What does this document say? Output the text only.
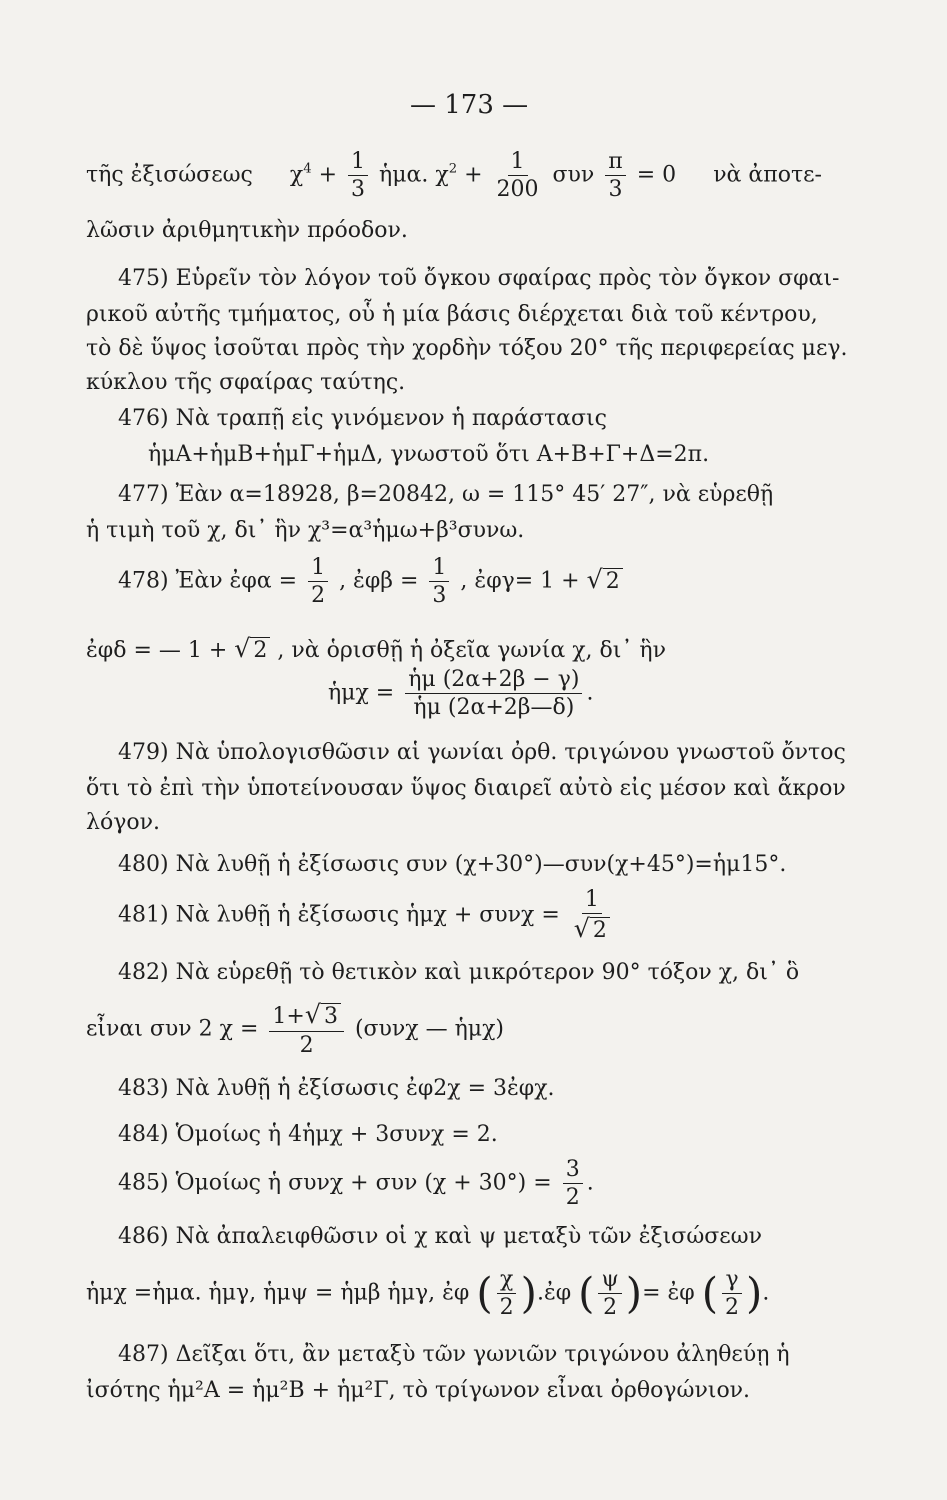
— 173 —
τῆς ἐξισώσεως $\chi^4 + \frac{1}{3}$ ἡμα. $\chi^2 + \frac{1}{200}$ συν $\frac{\pi}{3} = 0$ νὰ ἀποτε-
λῶσιν ἀριθμητικὴν πρόοδον.
475) Εὑρεῖν τὸν λόγον τοῦ ὄγκου σφαίρας πρὸς τὸν ὄγκον σφαι-
ρικοῦ αὐτῆς τμήματος, οὗ ἡ μία βάσις διέρχεται διὰ τοῦ κέντρου,
τὸ δὲ ὕψος ἰσοῦται πρὸς τὴν χορδὴν τόξου 20° τῆς περιφερείας μεγ.
κύκλου τῆς σφαίρας ταύτης.
476) Νὰ τραπῇ εἰς γινόμενον ἡ παράστασις
ἡμΑ+ἡμΒ+ἡμΓ+ἡμΔ, γνωστοῦ ὅτι Α+Β+Γ+Δ=2π.
477) Ἐὰν α=18928, β=20842, ω = 115° 45′ 27″, νὰ εὑρεθῇ
ἡ τιμὴ τοῦ χ, δι᾿ ἣν χ³=α³ἡμω+β³συνω.
478) Ἐὰν ἐφα = $\frac{1}{2}$ , ἐφβ = $\frac{1}{3}$ , ἐφγ= 1 + √ 2
ἐφδ = — 1 + √ 2 , νὰ ὁρισθῇ ἡ ὀξεῖα γωνία χ, δι᾿ ἣν
ἡμχ = $\frac{\text{ἡμ (2α+2β − γ)}}{\text{ἡμ (2α+2β—δ)}}$ .
479) Νὰ ὑπολογισθῶσιν αἱ γωνίαι ὀρθ. τριγώνου γνωστοῦ ὄντος
ὅτι τὸ ἐπὶ τὴν ὑποτείνουσαν ὕψος διαιρεῖ αὐτὸ εἰς μέσον καὶ ἄκρον
λόγον.
480) Νὰ λυθῇ ἡ ἐξίσωσις συν (χ+30°)—συν(χ+45°)=ἡμ15°.
481) Νὰ λυθῇ ἡ ἐξίσωσις ἡμχ + $\sigma\upsilon\nu\chi = \frac{1}{√ 2}$
482) Νὰ εὑρεθῇ τὸ θετικὸν καὶ μικρότερον 90° τόξον χ, δι᾿ ὃ
εἶναι συν 2 $\chi = \frac{1+√ 3}{2} (\sigma\upsilon\nu\chi$ — ἡμχ)
483) Νὰ λυθῇ ἡ ἐξίσωσις ἐφ2χ = 3ἐφχ.
484) Ὁμοίως ἡ 4ἡμχ + 3συνχ = 2.
485) Ὁμοίως ἡ συνχ + συν $(\chi + 30^\circ) = \frac{3}{2}$ .
486) Νὰ ἀπαλειφθῶσιν οἱ χ καὶ ψ μεταξὺ τῶν ἐξισώσεων
ἡμχ =ἡμα. ἡμγ, ἡμψ = ἡμβ ἡμγ, ἐφ ( $\frac{\chi}{2}$ ).ἐφ ( $\frac{\psi}{2}$ )= ἐφ ( $\frac{\gamma}{2}$ ).
487) Δεῖξαι ὅτι, ἂν μεταξὺ τῶν γωνιῶν τριγώνου ἀληθεύῃ ἡ
ἰσότης ἡμ²Α = ἡμ²Β + ἡμ²Γ, τὸ τρίγωνον εἶναι ὀρθογώνιον.
